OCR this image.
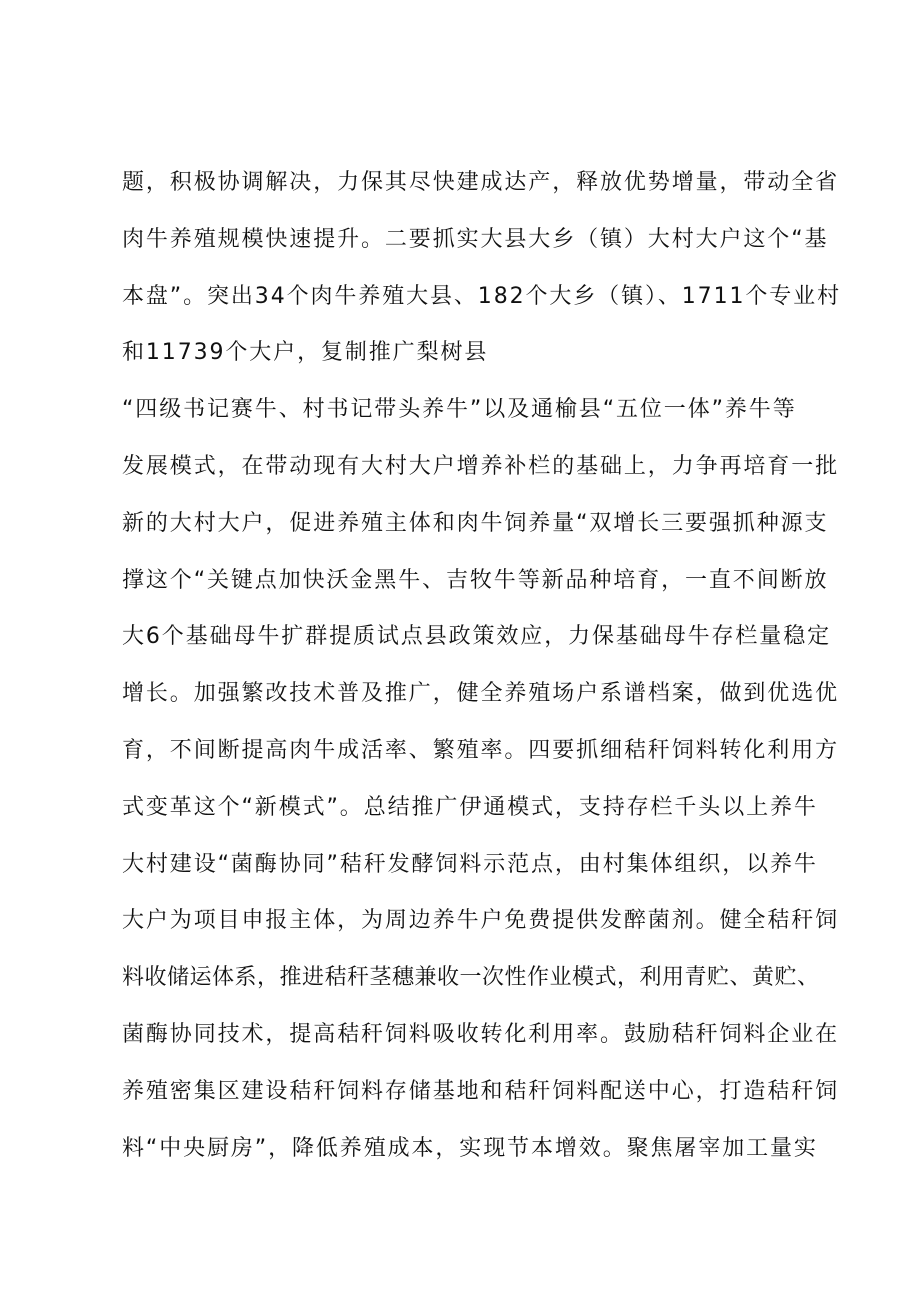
题，积极协调解决，力保其尽快建成达产，释放优势增量，带动全省
肉牛养殖规模快速提升。二要抓实大县大乡（镇）大村大户这个“基
本盘”。突出34个肉牛养殖大县、182个大乡（镇）、1711个专业村
和11739个大户，复制推广梨树县
“四级书记赛牛、村书记带头养牛”以及通榆县“五位一体”养牛等
发展模式，在带动现有大村大户增养补栏的基础上，力争再培育一批
新的大村大户，促进养殖主体和肉牛饲养量“双增长三要强抓种源支
撑这个“关键点加快沃金黑牛、吉牧牛等新品种培育，一直不间断放
大6个基础母牛扩群提质试点县政策效应，力保基础母牛存栏量稳定
增长。加强繁改技术普及推广，健全养殖场户系谱档案，做到优选优
育，不间断提高肉牛成活率、繁殖率。四要抓细秸秆饲料转化利用方
式变革这个“新模式”。总结推广伊通模式，支持存栏千头以上养牛
大村建设“菌酶协同”秸秆发酵饲料示范点，由村集体组织，以养牛
大户为项目申报主体，为周边养牛户免费提供发醉菌剂。健全秸秆饲
料收储运体系，推进秸秆茎穗兼收一次性作业模式，利用青贮、黄贮、
菌酶协同技术，提高秸秆饲料吸收转化利用率。鼓励秸秆饲料企业在
养殖密集区建设秸秆饲料存储基地和秸秆饲料配送中心，打造秸秆饲
料“中央厨房”，降低养殖成本，实现节本增效。聚焦屠宰加工量实
